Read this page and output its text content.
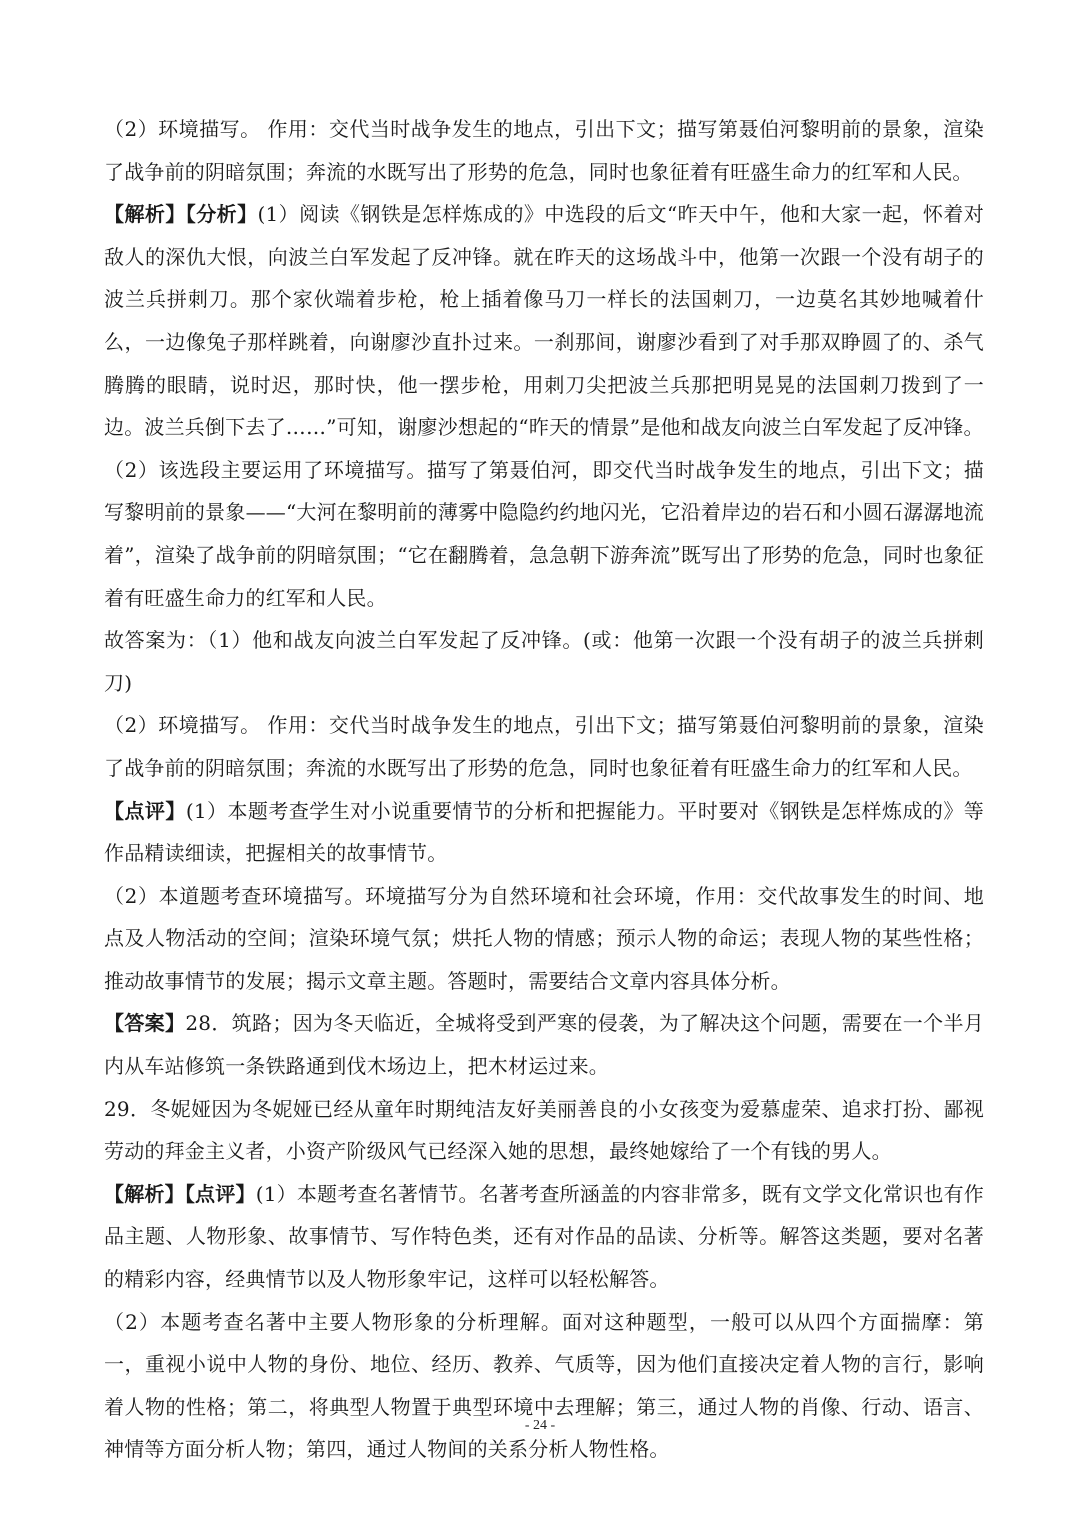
（2）环境描写。 作用：交代当时战争发生的地点，引出下文；描写第聂伯河黎明前的景象，渲染了战争前的阴暗氛围；奔流的水既写出了形势的危急，同时也象征着有旺盛生命力的红军和人民。

【解析】【分析】(1）阅读《钢铁是怎样炼成的》中选段的后文“昨天中午，他和大家一起，怀着对敌人的深仇大恨，向波兰白军发起了反冲锋。就在昨天的这场战斗中，他第一次跟一个没有胡子的波兰兵拼刺刀。那个家伙端着步枪，枪上插着像马刀一样长的法国刺刀，一边莫名其妙地喊着什么，一边像兔子那样跳着，向谢廖沙直扑过来。一刹那间，谢廖沙看到了对手那双睁圆了的、杀气腾腾的眼睛，说时迟，那时快，他一摆步枪，用刺刀尖把波兰兵那把明晃晃的法国刺刀拨到了一边。波兰兵倒下去了……”可知，谢廖沙想起的“昨天的情景”是他和战友向波兰白军发起了反冲锋。

（2）该选段主要运用了环境描写。描写了第聂伯河，即交代当时战争发生的地点，引出下文；描写黎明前的景象——“大河在黎明前的薄雾中隐隐约约地闪光，它沿着岸边的岩石和小圆石潺潺地流着”，渲染了战争前的阴暗氛围；“它在翻腾着，急急朝下游奔流”既写出了形势的危急，同时也象征着有旺盛生命力的红军和人民。

故答案为：（1）他和战友向波兰白军发起了反冲锋。(或：他第一次跟一个没有胡子的波兰兵拼刺刀)

（2）环境描写。 作用：交代当时战争发生的地点，引出下文；描写第聂伯河黎明前的景象，渲染了战争前的阴暗氛围；奔流的水既写出了形势的危急，同时也象征着有旺盛生命力的红军和人民。

【点评】(1）本题考查学生对小说重要情节的分析和把握能力。平时要对《钢铁是怎样炼成的》等作品精读细读，把握相关的故事情节。

（2）本道题考查环境描写。环境描写分为自然环境和社会环境，作用：交代故事发生的时间、地点及人物活动的空间；渲染环境气氛；烘托人物的情感；预示人物的命运；表现人物的某些性格；推动故事情节的发展；揭示文章主题。答题时，需要结合文章内容具体分析。

【答案】28．筑路；因为冬天临近，全城将受到严寒的侵袭，为了解决这个问题，需要在一个半月内从车站修筑一条铁路通到伐木场边上，把木材运过来。

29．冬妮娅因为冬妮娅已经从童年时期纯洁友好美丽善良的小女孩变为爱慕虚荣、追求打扮、鄙视劳动的拜金主义者，小资产阶级风气已经深入她的思想，最终她嫁给了一个有钱的男人。

【解析】【点评】(1）本题考查名著情节。名著考查所涵盖的内容非常多，既有文学文化常识也有作品主题、人物形象、故事情节、写作特色类，还有对作品的品读、分析等。解答这类题，要对名著的精彩内容，经典情节以及人物形象牢记，这样可以轻松解答。

（2）本题考查名著中主要人物形象的分析理解。面对这种题型，一般可以从四个方面揣摩：第一，重视小说中人物的身份、地位、经历、教养、气质等，因为他们直接决定着人物的言行，影响着人物的性格；第二，将典型人物置于典型环境中去理解；第三，通过人物的肖像、行动、语言、神情等方面分析人物；第四，通过人物间的关系分析人物性格。

- 24 -
